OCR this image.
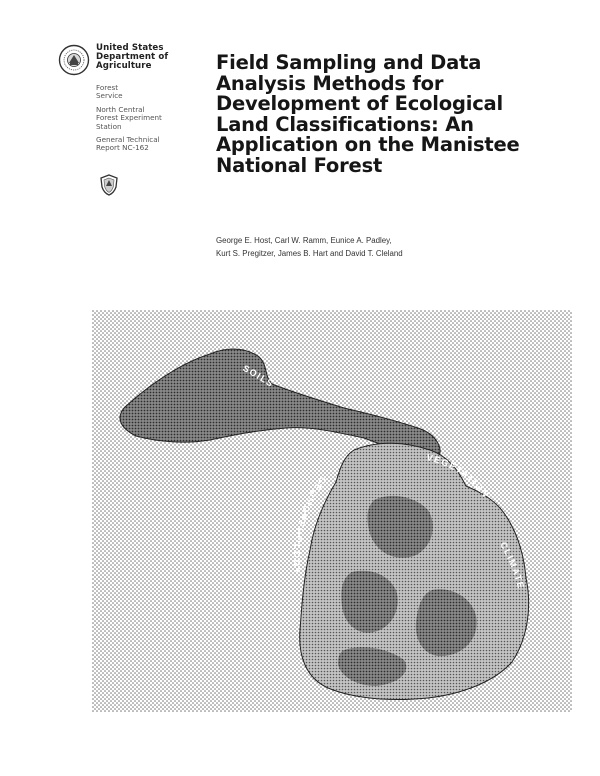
United States
Department of
Agriculture
Forest
Service
North Central
Forest Experiment
Station
General Technical
Report NC-162
Field Sampling and Data
Analysis Methods for
Development of Ecological
Land Classifications: An
Application on the Manistee
National Forest
George E. Host, Carl W. Ramm, Eunice A. Padley,
Kurt S. Pregitzer, James B. Hart and David T. Cleland
SOILS
VEGETATION
GEOMORPHOLOGY
CLIMATE
